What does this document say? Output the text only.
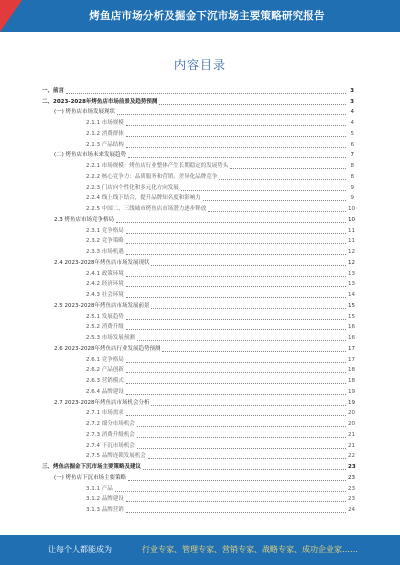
烤鱼店市场分析及掘金下沉市场主要策略研究报告
内容目录
一、前言	3
二、2023-2028年烤鱼店市场前景及趋势预测	3
(一) 烤鱼店市场发展现状	4
2.1.1 市场规模	4
2.1.2 消费群体	5
2.1.3 产品结构	6
(二) 烤鱼店市场未来发展趋势	7
2.2.1 市场规模：烤鱼店行业整体产生长期稳定的发展势头	8
2.2.2 核心竞争力：品质服务和营销，差异化品牌竞争	8
2.2.3 门店向个性化和多元化方向发展	9
2.2.4 线上线下结合，提升品牌知名度和影响力	9
2.2.5 中国二、三线城市烤鱼店市场潜力逐步释放	10
2.3 烤鱼店市场竞争格局	10
2.3.1 竞争格局	11
2.3.2 竞争策略	11
2.3.3 市场机遇	12
2.4 2023-2028年烤鱼店市场发展现状	12
2.4.1 政策环境	13
2.4.2 经济环境	13
2.4.3 社会环境	14
2.5 2023-2028年烤鱼店市场发展前景	15
2.5.1 发展趋势	15
2.5.2 消费升级	16
2.5.3 市场发展预测	16
2.6 2023-2028年烤鱼店行业发展趋势预测	17
2.6.1 竞争格局	17
2.6.2 产品创新	18
2.6.3 营销模式	18
2.6.4 品牌建设	19
2.7 2023-2028年烤鱼店市场机会分析	19
2.7.1 市场需求	20
2.7.2 细分市场机会	20
2.7.3 消费升级机会	21
2.7.4 下沉市场机会	21
2.7.5 品牌连锁发展机会	22
三、烤鱼店掘金下沉市场主要策略及建议	23
(一) 烤鱼店下沉市场主要策略	23
3.1.1 产品	23
3.1.2 品牌建设	23
3.1.3 品牌营销	24
让每个人都能成为	行业专家、管理专家、营销专家、战略专家、成功企业家……
